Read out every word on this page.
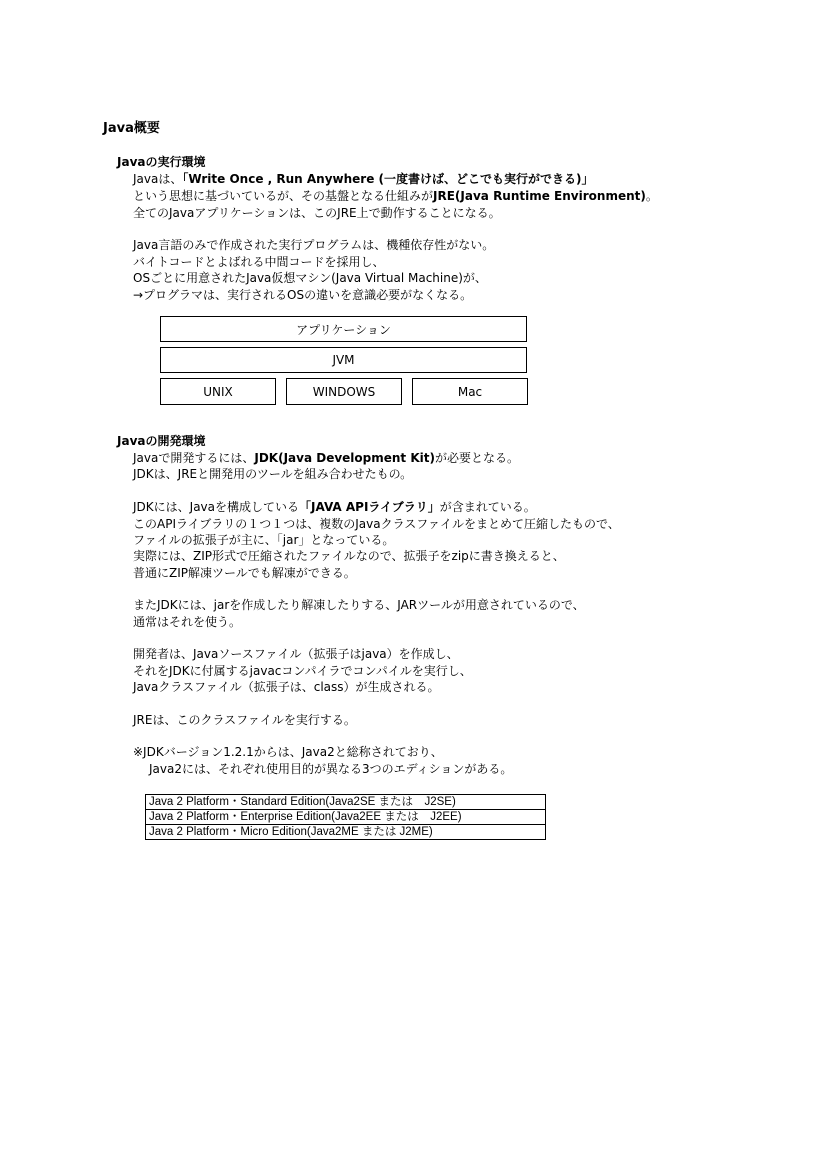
Java概要
Javaの実行環境
Javaは、「Write Once , Run Anywhere (一度書けば、どこでも実行ができる)」
という思想に基づいているが、その基盤となる仕組みがJRE(Java Runtime Environment)。
全てのJavaアプリケーションは、このJRE上で動作することになる。
Java言語のみで作成された実行プログラムは、機種依存性がない。
バイトコードとよばれる中間コードを採用し、
OSごとに用意されたJava仮想マシン(Java Virtual Machine)が、
→プログラマは、実行されるOSの違いを意識必要がなくなる。
アプリケーション
JVM
UNIX	WINDOWS	Mac
Javaの開発環境
Javaで開発するには、JDK(Java Development Kit)が必要となる。
JDKは、JREと開発用のツールを組み合わせたもの。
JDKには、Javaを構成している「JAVA APIライブラリ」が含まれている。
このAPIライブラリの１つ１つは、複数のJavaクラスファイルをまとめて圧縮したもので、
ファイルの拡張子が主に、「jar」となっている。
実際には、ZIP形式で圧縮されたファイルなので、拡張子をzipに書き換えると、
普通にZIP解凍ツールでも解凍ができる。
またJDKには、jarを作成したり解凍したりする、JARツールが用意されているので、
通常はそれを使う。
開発者は、Javaソースファイル（拡張子はjava）を作成し、
それをJDKに付属するjavacコンパイラでコンパイルを実行し、
Javaクラスファイル（拡張子は、class）が生成される。
JREは、このクラスファイルを実行する。
※JDKバージョン1.2.1からは、Java2と総称されており、
Java2には、それぞれ使用目的が異なる3つのエディションがある。
Java 2 Platform・Standard Edition(Java2SE または　J2SE)
Java 2 Platform・Enterprise Edition(Java2EE または　J2EE)
Java 2 Platform・Micro Edition(Java2ME または J2ME)
